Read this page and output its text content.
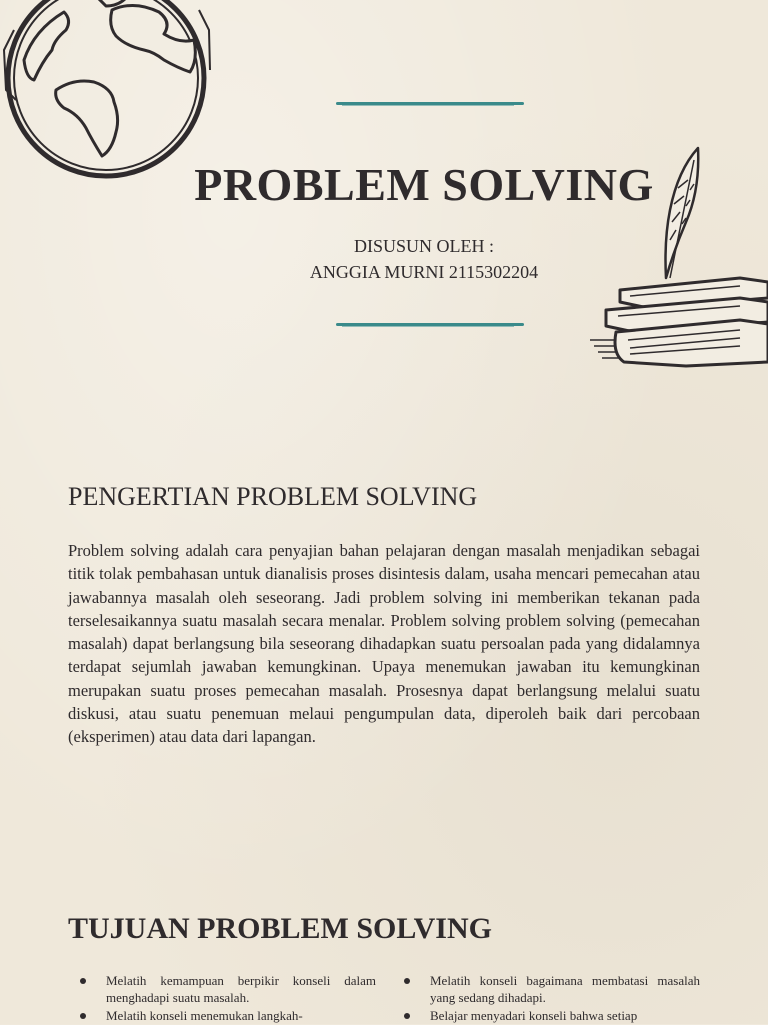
PROBLEM SOLVING
DISUSUN OLEH :
ANGGIA MURNI 2115302204
PENGERTIAN PROBLEM SOLVING

Problem solving adalah cara penyajian bahan pelajaran dengan masalah menjadikan sebagai titik tolak pembahasan untuk dianalisis proses disintesis dalam, usaha mencari pemecahan atau jawabannya masalah oleh seseorang. Jadi problem solving ini memberikan tekanan pada terselesaikannya suatu masalah secara menalar. Problem solving problem solving (pemecahan masalah) dapat berlangsung bila seseorang dihadapkan suatu persoalan pada yang didalamnya terdapat sejumlah jawaban kemungkinan. Upaya menemukan jawaban itu kemungkinan merupakan suatu proses pemecahan masalah. Prosesnya dapat berlangsung melalui suatu diskusi, atau suatu penemuan melaui pengumpulan data, diperoleh baik dari percobaan (eksperimen) atau data dari lapangan.

TUJUAN PROBLEM SOLVING
Melatih kemampuan berpikir konseli dalam menghadapi suatu masalah.
Melatih konseli menemukan langkah-
Melatih konseli bagaimana membatasi masalah yang sedang dihadapi.
Belajar menyadari konseli bahwa setiap
